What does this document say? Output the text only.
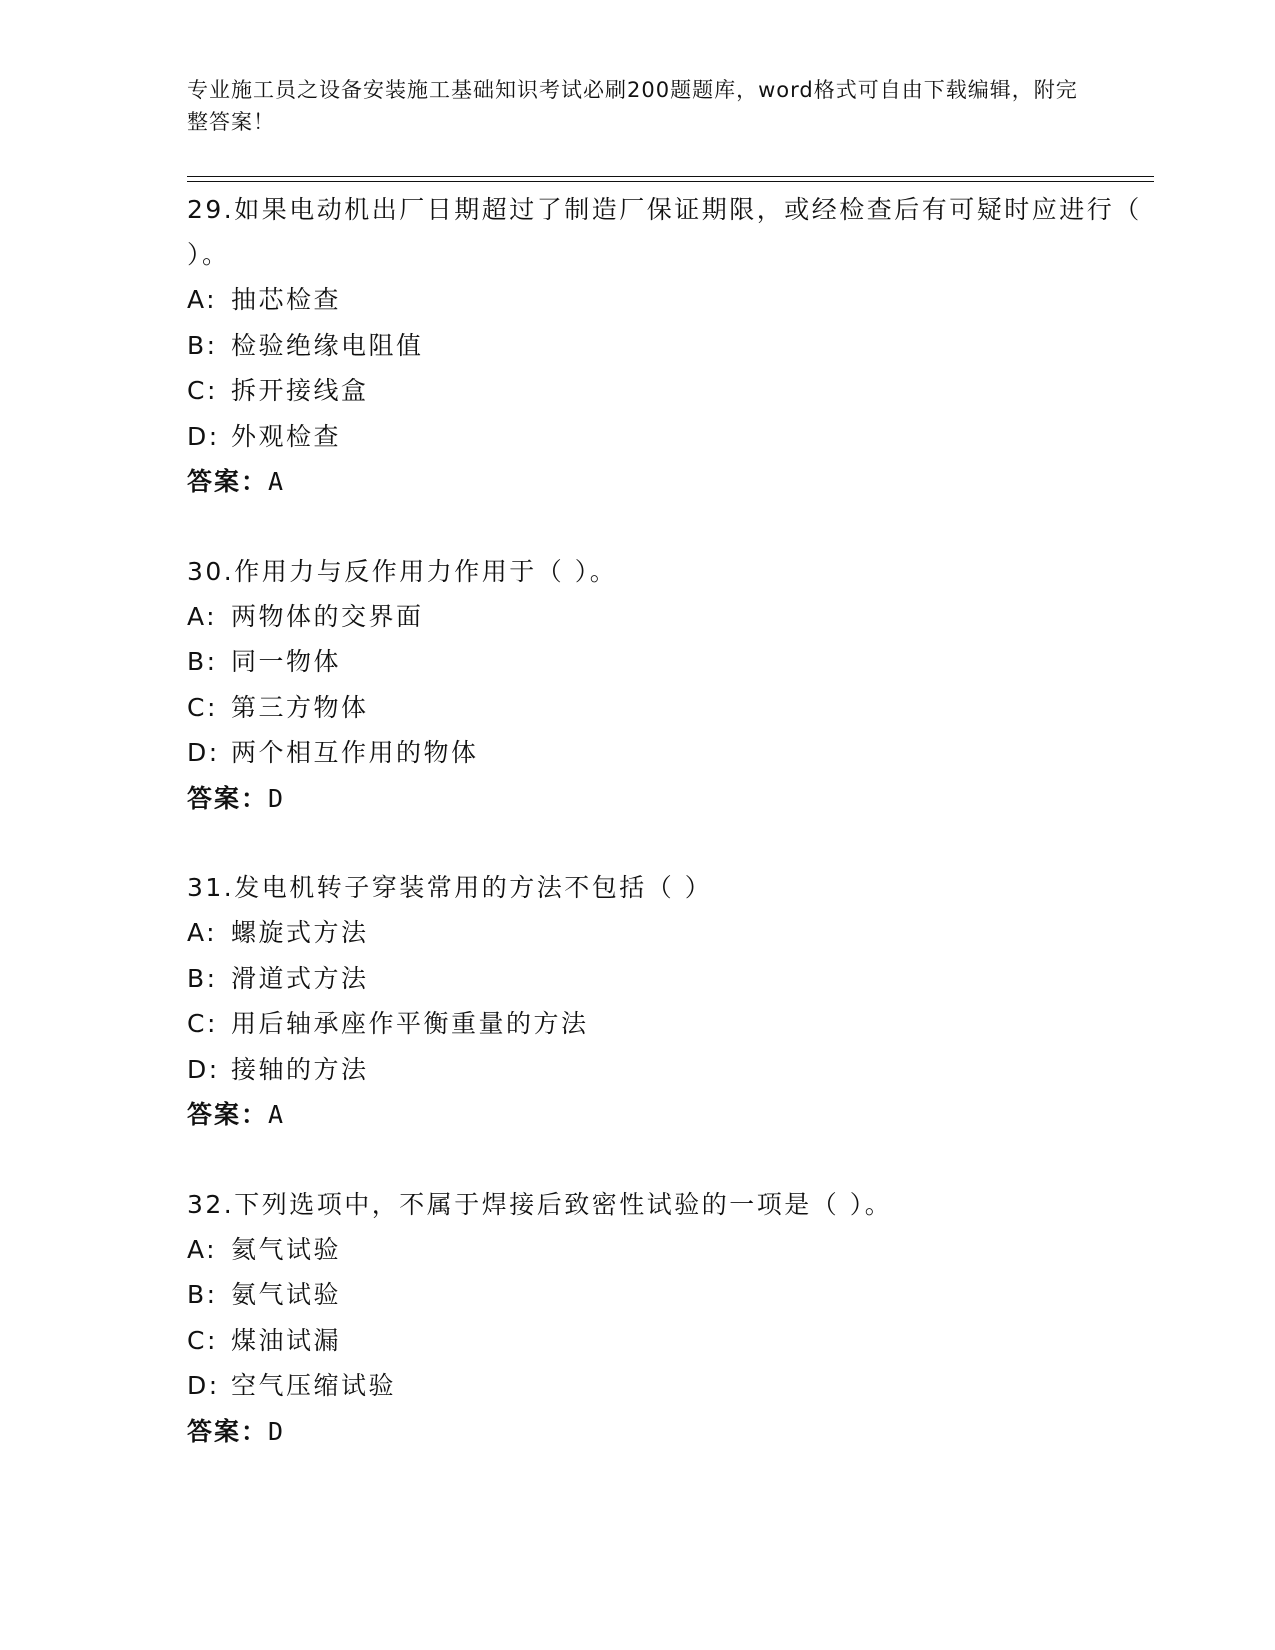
专业施工员之设备安装施工基础知识考试必刷200题题库，word格式可自由下载编辑，附完整答案！
29.如果电动机出厂日期超过了制造厂保证期限，或经检查后有可疑时应进行（ ）。
A: 抽芯检查
B: 检验绝缘电阻值
C: 拆开接线盒
D: 外观检查
答案： A
30.作用力与反作用力作用于（ ）。
A: 两物体的交界面
B: 同一物体
C: 第三方物体
D: 两个相互作用的物体
答案： D
31.发电机转子穿装常用的方法不包括（ ）
A: 螺旋式方法
B: 滑道式方法
C: 用后轴承座作平衡重量的方法
D: 接轴的方法
答案： A
32.下列选项中，不属于焊接后致密性试验的一项是（ ）。
A: 氦气试验
B: 氨气试验
C: 煤油试漏
D: 空气压缩试验
答案： D
